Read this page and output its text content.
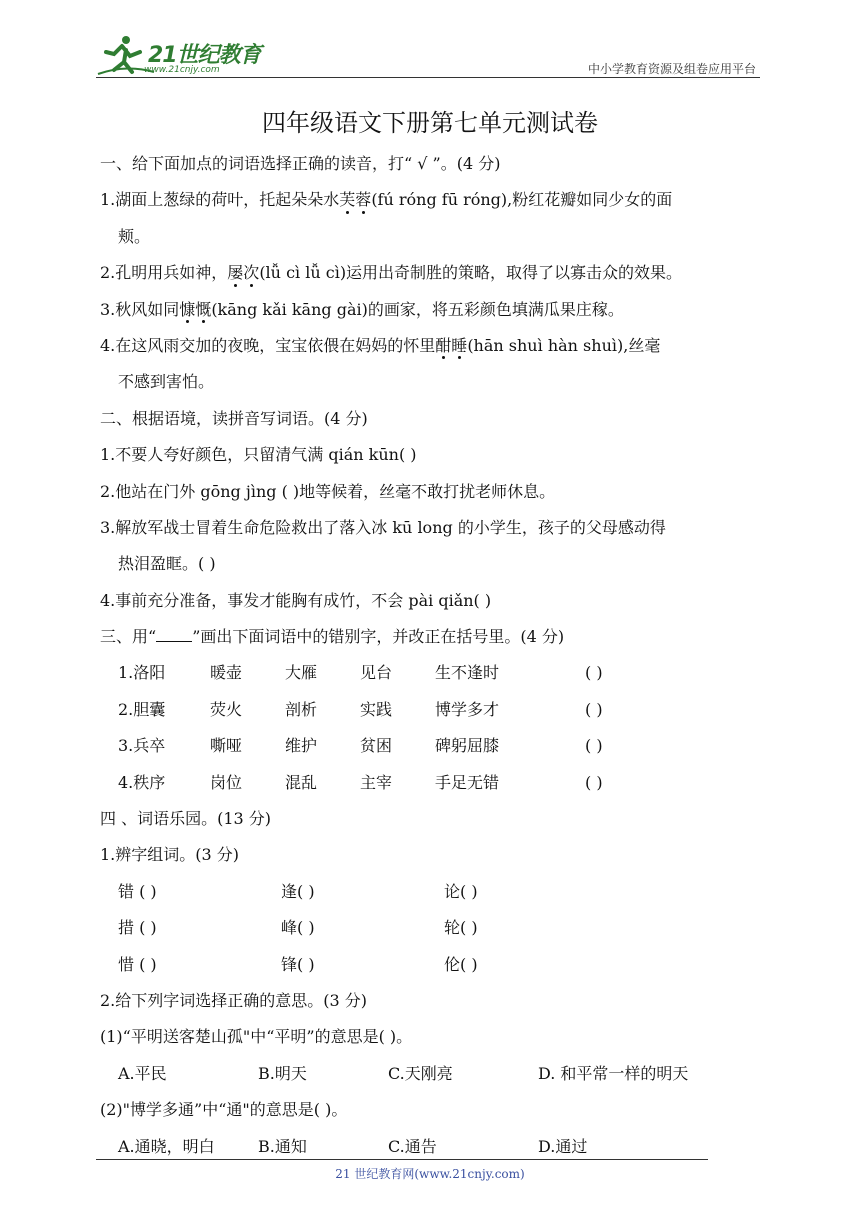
21世纪教育
www.21cnjy.com	中小学教育资源及组卷应用平台
四年级语文下册第七单元测试卷
一、给下面加点的词语选择正确的读音，打“ √ ”。(4 分)
1.湖面上葱绿的荷叶，托起朵朵水芙蓉(fú róng fū róng),粉红花瓣如同少女的面
颊。
2.孔明用兵如神，屡次(lǚ cì lǚ cì)运用出奇制胜的策略，取得了以寡击众的效果。
3.秋风如同慷慨(kāng kǎi kāng gài)的画家，将五彩颜色填满瓜果庄稼。
4.在这风雨交加的夜晚，宝宝依偎在妈妈的怀里酣睡(hān shuì hàn shuì),丝毫
不感到害怕。
二、根据语境，读拼音写词语。(4 分)
1.不要人夸好颜色，只留清气满 qián kūn( )
2.他站在门外 gōng jìng ( )地等候着，丝毫不敢打扰老师休息。
3.解放军战士冒着生命危险救出了落入冰 kū long 的小学生，孩子的父母感动得
热泪盈眶。( )
4.事前充分准备，事发才能胸有成竹，不会 pài qiǎn( )
三、用“ ”画出下面词语中的错别字，并改正在括号里。(4 分)
1.洛阳	暖壶	大雁	见台	生不逢时	( )
2.胆囊	荧火	剖析	实践	博学多才	( )
3.兵卒	嘶哑	维护	贫困	碑躬屈膝	( )
4.秩序	岗位	混乱	主宰	手足无错	( )
四 、词语乐园。(13 分)
1.辨字组词。(3 分)
错 ( )	逢( )	论( )
措 ( )	峰( )	轮( )
惜 ( )	锋( )	伦( )
2.给下列字词选择正确的意思。(3 分)
(1)“平明送客楚山孤"中“平明”的意思是( )。
A.平民	B.明天	C.天刚亮	D. 和平常一样的明天
(2)"博学多通”中“通"的意思是( )。
A.通晓，明白	B.通知	C.通告	D.通过
21 世纪教育网(www.21cnjy.com)
